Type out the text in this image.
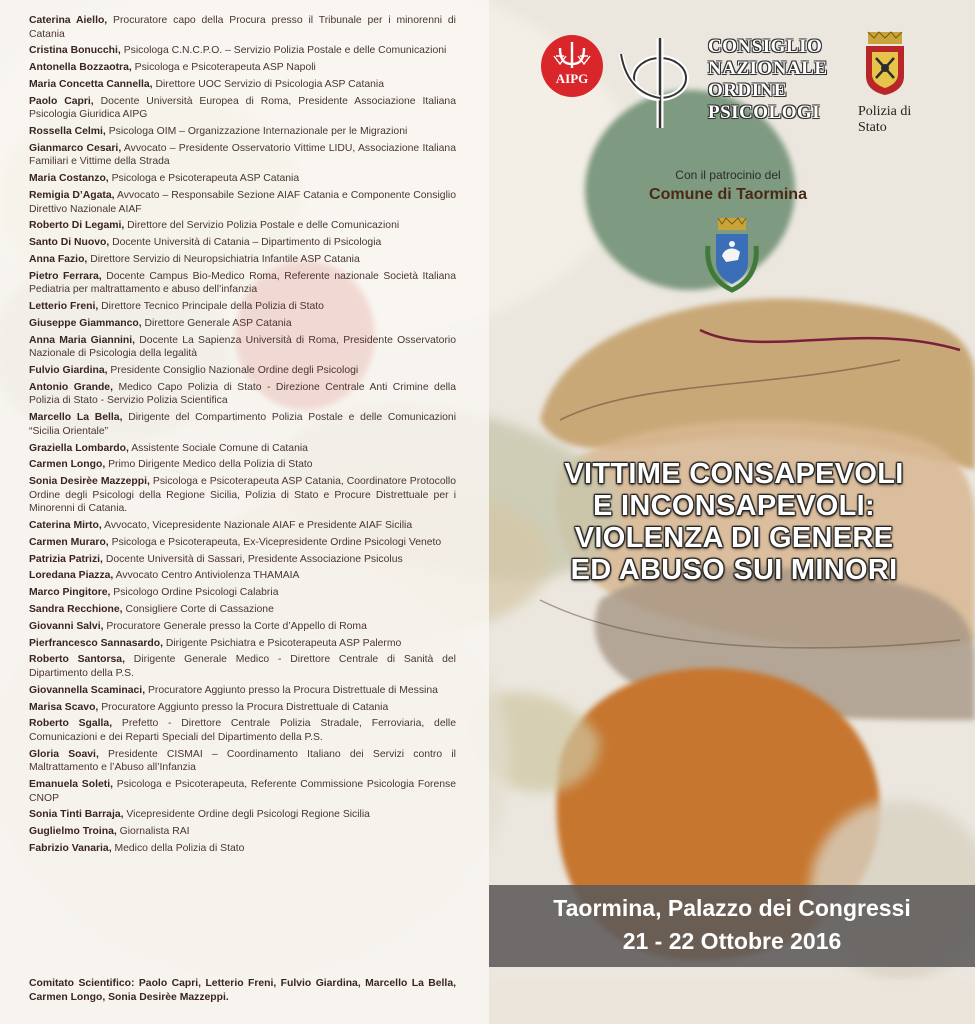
Caterina Aiello, Procuratore capo della Procura presso il Tribunale per i minorenni di Catania
Cristina Bonucchi, Psicologa C.N.C.P.O. – Servizio Polizia Postale e delle Comunicazioni
Antonella Bozzaotra, Psicologa e Psicoterapeuta ASP Napoli
Maria Concetta Cannella, Direttore UOC Servizio di Psicologia ASP Catania
Paolo Capri, Docente Università Europea di Roma, Presidente Associazione Italiana Psicologia Giuridica AIPG
Rossella Celmi, Psicologa OIM – Organizzazione Internazionale per le Migrazioni
Gianmarco Cesari, Avvocato – Presidente Osservatorio Vittime LIDU, Associazione Italiana Familiari e Vittime della Strada
Maria Costanzo, Psicologa e Psicoterapeuta ASP Catania
Remigia D’Agata, Avvocato – Responsabile Sezione AIAF Catania e Componente Consiglio Direttivo Nazionale AIAF
Roberto Di Legami, Direttore del Servizio Polizia Postale e delle Comunicazioni
Santo Di Nuovo, Docente Università di Catania – Dipartimento di Psicologia
Anna Fazio, Direttore Servizio di Neuropsichiatria Infantile ASP Catania
Pietro Ferrara, Docente Campus Bio-Medico Roma, Referente nazionale Società Italiana Pediatria per maltrattamento e abuso dell’infanzia
Letterio Freni, Direttore Tecnico Principale della Polizia di Stato
Giuseppe Giammanco, Direttore Generale ASP Catania
Anna Maria Giannini, Docente La Sapienza Università di Roma, Presidente Osservatorio Nazionale di Psicologia della legalità
Fulvio Giardina, Presidente Consiglio Nazionale Ordine degli Psicologi
Antonio Grande, Medico Capo Polizia di Stato - Direzione Centrale Anti Crimine della Polizia di Stato - Servizio Polizia Scientifica
Marcello La Bella, Dirigente del Compartimento Polizia Postale e delle Comunicazioni “Sicilia Orientale”
Graziella Lombardo, Assistente Sociale Comune di Catania
Carmen Longo, Primo Dirigente Medico della Polizia di Stato
Sonia Desirèe Mazzeppi, Psicologa e Psicoterapeuta ASP Catania, Coordinatore Protocollo Ordine degli Psicologi della Regione Sicilia, Polizia di Stato e Procure Distrettuale per i Minorenni di Catania.
Caterina Mirto, Avvocato, Vicepresidente Nazionale AIAF e Presidente AIAF Sicilia
Carmen Muraro, Psicologa e Psicoterapeuta, Ex-Vicepresidente Ordine Psicologi Veneto
Patrizia Patrizi, Docente Università di Sassari, Presidente Associazione Psicolus
Loredana Piazza, Avvocato Centro Antiviolenza THAMAIA
Marco Pingitore, Psicologo Ordine Psicologi Calabria
Sandra Recchione, Consigliere Corte di Cassazione
Giovanni Salvi, Procuratore Generale presso la Corte d’Appello di Roma
Pierfrancesco Sannasardo, Dirigente Psichiatra e Psicoterapeuta ASP Palermo
Roberto Santorsa, Dirigente Generale Medico - Direttore Centrale di Sanità del Dipartimento della P.S.
Giovannella Scaminaci, Procuratore Aggiunto presso la Procura Distrettuale di Messina
Marisa Scavo, Procuratore Aggiunto presso la Procura Distrettuale di Catania
Roberto Sgalla, Prefetto - Direttore Centrale Polizia Stradale, Ferroviaria, delle Comunicazioni e dei Reparti Speciali del Dipartimento della P.S.
Gloria Soavi, Presidente CISMAI – Coordinamento Italiano dei Servizi contro il Maltrattamento e l’Abuso all’Infanzia
Emanuela Soleti, Psicologa e Psicoterapeuta, Referente Commissione Psicologia Forense CNOP
Sonia Tinti Barraja, Vicepresidente Ordine degli Psicologi Regione Sicilia
Guglielmo Troina, Giornalista RAI
Fabrizio Vanaria, Medico della Polizia di Stato
Comitato Scientifico: Paolo Capri, Letterio Freni, Fulvio Giardina, Marcello La Bella, Carmen Longo, Sonia Desirèe Mazzeppi.
AIPG
CONSIGLIO
NAZIONALE
ORDINE
PSICOLOGI	Polizia di Stato
Con il patrocinio del
Comune di Taormina
VITTIME CONSAPEVOLI
E INCONSAPEVOLI:
VIOLENZA DI GENERE
ED ABUSO SUI MINORI
Taormina, Palazzo dei Congressi
21 - 22 Ottobre 2016
